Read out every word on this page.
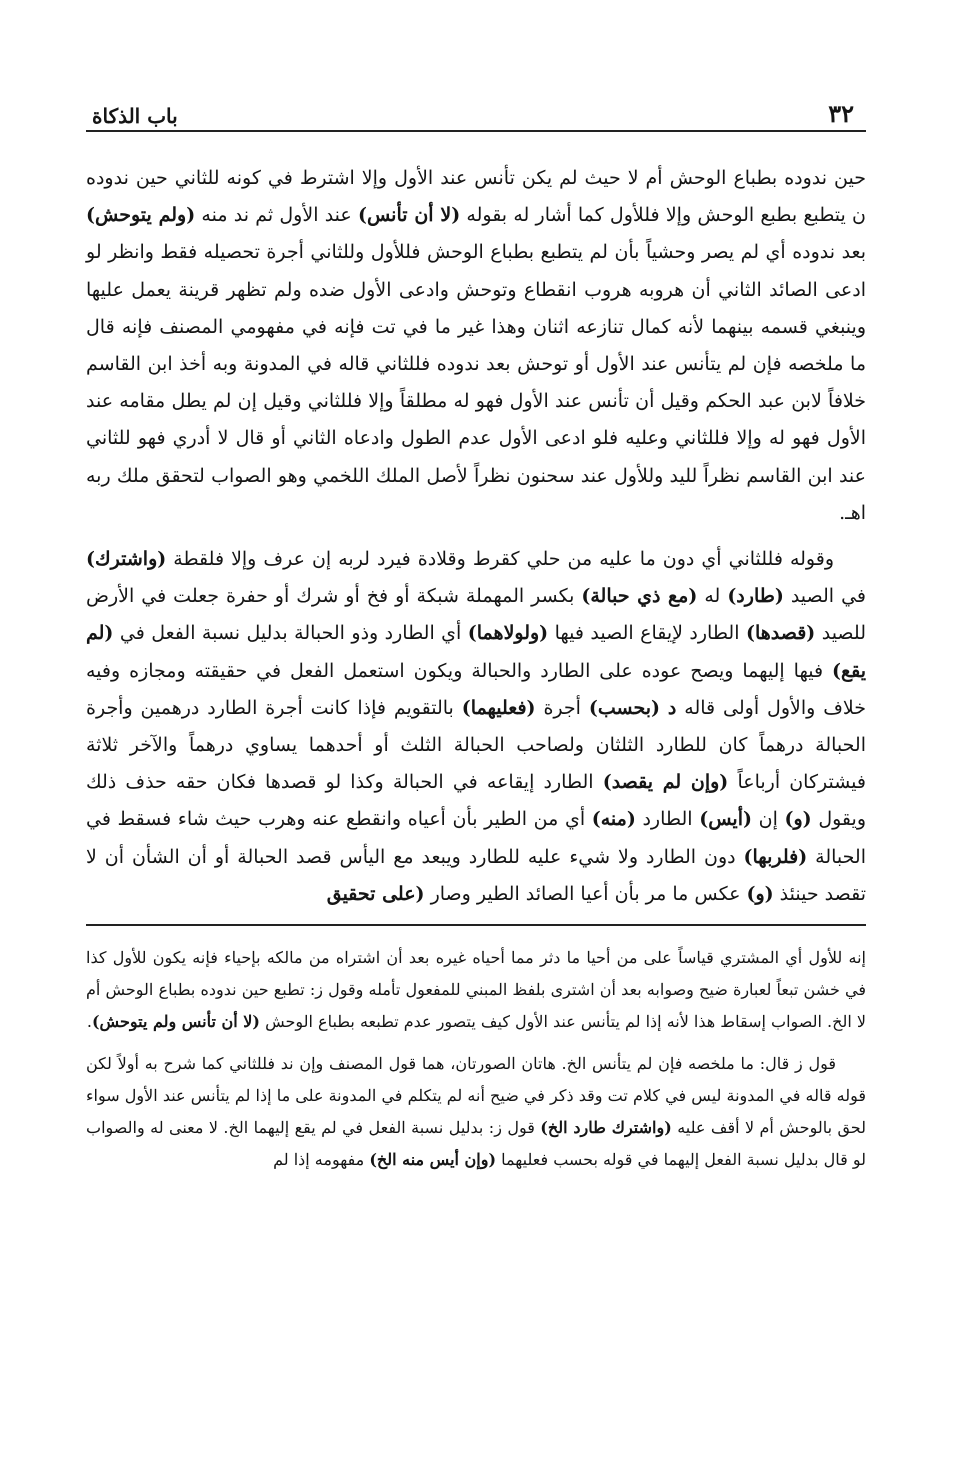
٣٢
باب الذكاة

حين ندوده بطباع الوحش أم لا حيث لم يكن تأنس عند الأول وإلا اشترط في كونه للثاني حين ندوده ن يتطبع بطبع الوحش وإلا فللأول كما أشار له بقوله (لا أن تأنس) عند الأول ثم ند منه (ولم يتوحش) بعد ندوده أي لم يصر وحشياً بأن لم يتطبع بطباع الوحش فللأول وللثاني أجرة تحصيله فقط وانظر لو ادعى الصائد الثاني أن هروبه هروب انقطاع وتوحش وادعى الأول ضده ولم تظهر قرينة يعمل عليها وينبغي قسمه بينهما لأنه كمال تنازعه اثنان وهذا غير ما في تت فإنه في مفهومي المصنف فإنه قال ما ملخصه فإن لم يتأنس عند الأول أو توحش بعد ندوده فللثاني قاله في المدونة وبه أخذ ابن القاسم خلافاً لابن عبد الحكم وقيل أن تأنس عند الأول فهو له مطلقاً وإلا فللثاني وقيل إن لم يطل مقامه عند الأول فهو له وإلا فللثاني وعليه فلو ادعى الأول عدم الطول وادعاه الثاني أو قال لا أدري فهو للثاني عند ابن القاسم نظراً لليد وللأول عند سحنون نظراً لأصل الملك اللخمي وهو الصواب لتحقق ملك ربه اهـ.

وقوله فللثاني أي دون ما عليه من حلي كقرط وقلادة فيرد لربه إن عرف وإلا فلقطة (واشترك) في الصيد (طارد) له (مع ذي حبالة) بكسر المهملة شبكة أو فخ أو شرك أو حفرة جعلت في الأرض للصيد (قصدها) الطارد لإيقاع الصيد فيها (ولولاهما) أي الطارد وذو الحبالة بدليل نسبة الفعل في (لم يقع) فيها إليهما ويصح عوده على الطارد والحبالة ويكون استعمل الفعل في حقيقته ومجازه وفيه خلاف والأول أولى قاله د (بحسب) أجرة (فعليهما) بالتقويم فإذا كانت أجرة الطارد درهمين وأجرة الحبالة درهماً كان للطارد الثلثان ولصاحب الحبالة الثلث أو أحدهما يساوي درهماً والآخر ثلاثة فيشتركان أرباعاً (وإن لم يقصد) الطارد إيقاعه في الحبالة وكذا لو قصدها فكان حقه حذف ذلك ويقول (و) إن (أيس) الطارد (منه) أي من الطير بأن أعياه وانقطع عنه وهرب حيث شاء فسقط في الحبالة (فلربها) دون الطارد ولا شيء عليه للطارد ويبعد مع اليأس قصد الحبالة أو أن الشأن أن لا تقصد حينئذ (و) عكس ما مر بأن أعيا الصائد الطير وصار (على تحقيق

إنه للأول أي المشتري قياساً على من أحيا ما دثر مما أحياه غيره بعد أن اشتراه من مالكه بإحياء فإنه يكون للأول كذا في خشن تبعاً لعبارة ضيح وصوابه بعد أن اشترى بلفظ المبني للمفعول تأمله وقول ز: تطبع حين ندوده بطباع الوحش أم لا الخ. الصواب إسقاط هذا لأنه إذا لم يتأنس عند الأول كيف يتصور عدم تطبعه بطباع الوحش (لا أن تأنس ولم يتوحش).

قول ز قال: ما ملخصه فإن لم يتأنس الخ. هاتان الصورتان، هما قول المصنف وإن ند فللثاني كما شرح به أولاً لكن قوله قاله في المدونة ليس في كلام تت وقد ذكر في ضيح أنه لم يتكلم في المدونة على ما إذا لم يتأنس عند الأول سواء لحق بالوحش أم لا أقف عليه (واشترك طارد الخ) قول ز: بدليل نسبة الفعل في لم يقع إليهما الخ. لا معنى له والصواب لو قال بدليل نسبة الفعل إليهما في قوله بحسب فعليهما (وإن أيس منه الخ) مفهومه إذا لم
